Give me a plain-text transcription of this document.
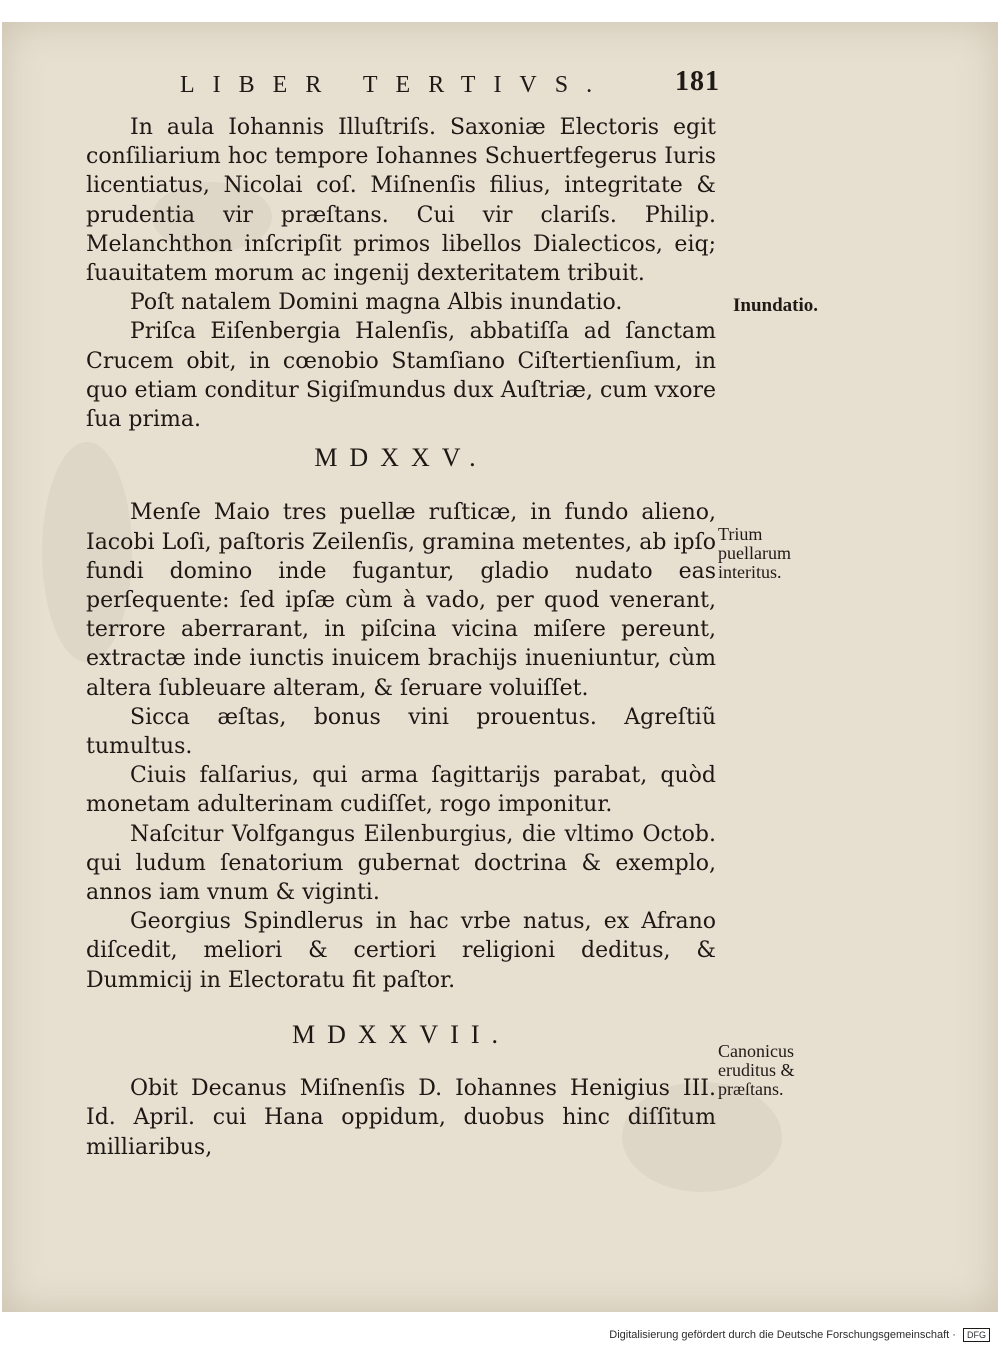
LIBER TERTIVS. 181

In aula Iohannis Illuſtriſs. Saxoniæ Electoris egit conſiliarium hoc tempore Iohannes Schuertfegerus Iuris licentiatus, Nicolai coſ. Miſnenſis filius, integritate & prudentia vir præſtans. Cui vir clariſs. Philip. Melanchthon inſcripſit primos libellos Dialecticos, eiq; ſuauitatem morum ac ingenij dexteritatem tribuit.

Poſt natalem Domini magna Albis inundatio.

Priſca Eiſenbergia Halenſis, abbatiſſa ad ſanctam Crucem obit, in cœnobio Stamſiano Ciſtertienſium, in quo etiam conditur Sigiſmundus dux Auſtriæ, cum vxore ſua prima.

MDXXV.

Menſe Maio tres puellæ ruſticæ, in fundo alieno, Iacobi Loſi, paſtoris Zeilenſis, gramina metentes, ab ipſo fundi domino inde fugantur, gladio nudato eas perſequente: ſed ipſæ cùm à vado, per quod venerant, terrore aberrarant, in piſcina vicina miſere pereunt, extractæ inde iunctis inuicem brachijs inueniuntur, cùm altera ſubleuare alteram, & ſeruare voluiſſet.

Sicca æſtas, bonus vini prouentus. Agreſtiũ tumultus.

Ciuis falſarius, qui arma ſagittarijs parabat, quòd monetam adulterinam cudiſſet, rogo imponitur.

Naſcitur Volfgangus Eilenburgius, die vltimo Octob. qui ludum ſenatorium gubernat doctrina & exemplo, annos iam vnum & viginti.

Georgius Spindlerus in hac vrbe natus, ex Afrano diſcedit, meliori & certiori religioni deditus, & Dummicij in Electoratu fit paſtor.

MDXXVII.

Obit Decanus Miſnenſis D. Iohannes Henigius III. Id. April. cui Hana oppidum, duobus hinc diſſitum milliaribus,

Inundatio.
Trium puellarum interitus.
Canonicus eruditus & præſtans.
Digitalisierung gefördert durch die Deutsche Forschungsgemeinschaft · DFG
